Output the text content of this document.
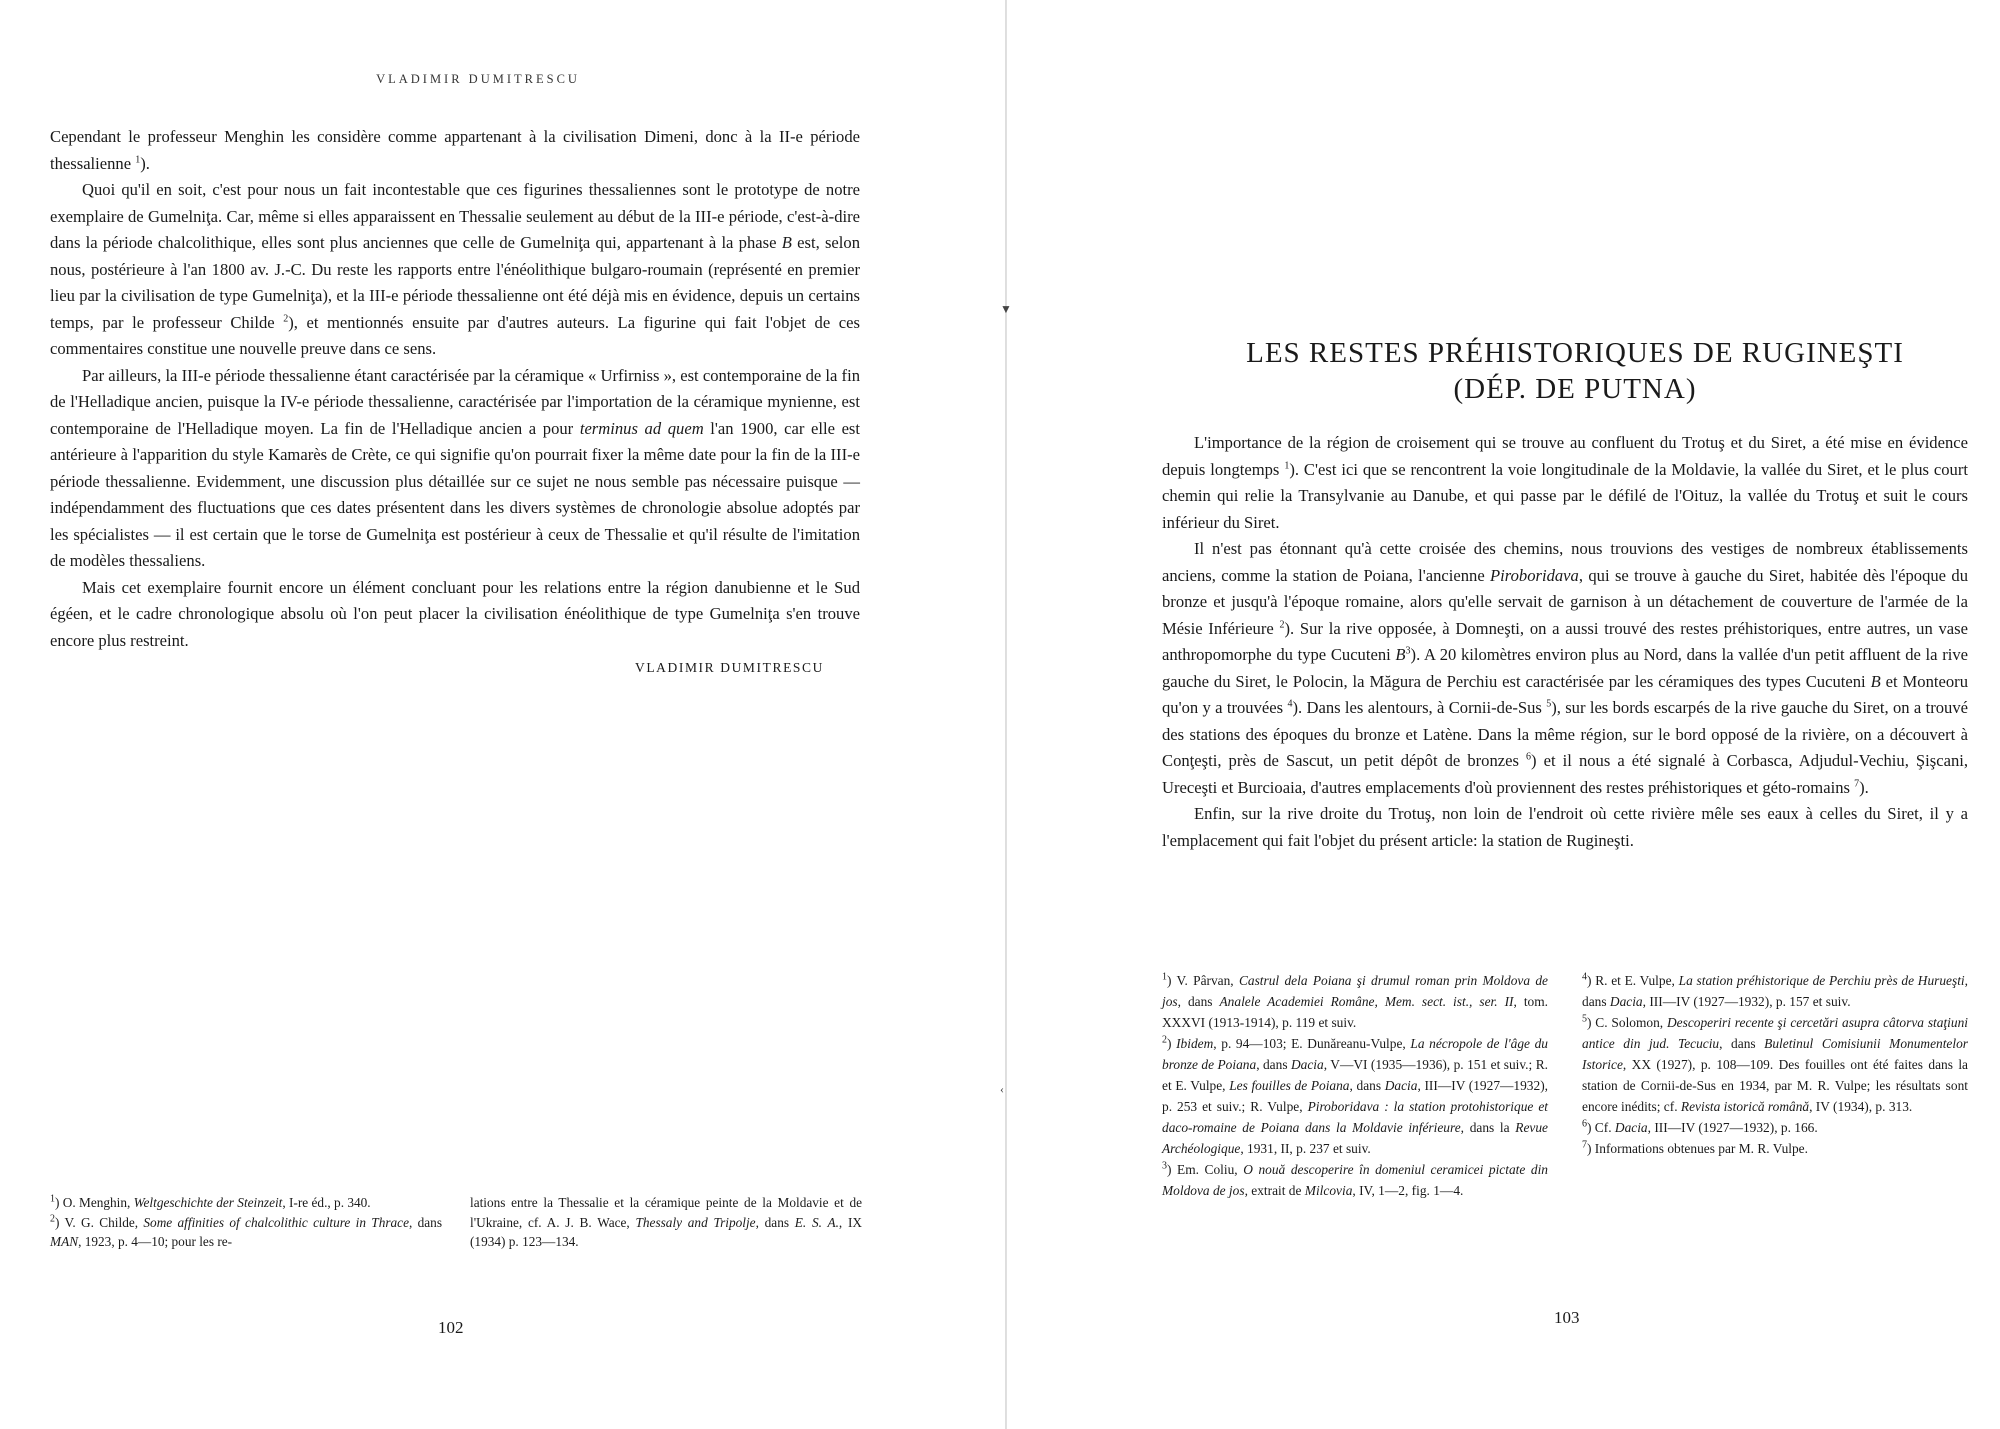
VLADIMIR DUMITRESCU

Cependant le professeur Menghin les considère comme appartenant à la civilisation Dimeni, donc à la II-e période thessalienne $^1$).

Quoi qu'il en soit, c'est pour nous un fait incontestable que ces figurines thessaliennes sont le prototype de notre exemplaire de Gumelniţa. Car, même si elles apparaissent en Thessalie seulement au début de la III-e période, c'est-à-dire dans la période chalcolithique, elles sont plus anciennes que celle de Gumelniţa qui, appartenant à la phase B est, selon nous, postérieure à l'an 1800 av. J.-C. Du reste les rapports entre l'énéolithique bulgaro-roumain (représenté en premier lieu par la civilisation de type Gumelniţa), et la III-e période thessalienne ont été déjà mis en évidence, depuis un certains temps, par le professeur Childe $^2$), et mentionnés ensuite par d'autres auteurs. La figurine qui fait l'objet de ces commentaires constitue une nouvelle preuve dans ce sens.

Par ailleurs, la III-e période thessalienne étant caractérisée par la céramique « Urfirniss », est contemporaine de la fin de l'Helladique ancien, puisque la IV-e période thessalienne, caractérisée par l'importation de la céramique mynienne, est contemporaine de l'Helladique moyen. La fin de l'Helladique ancien a pour terminus ad quem l'an 1900, car elle est antérieure à l'apparition du style Kamarès de Crète, ce qui signifie qu'on pourrait fixer la même date pour la fin de la III-e période thessalienne. Evidemment, une discussion plus détaillée sur ce sujet ne nous semble pas nécessaire puisque — indépendamment des fluctuations que ces dates présentent dans les divers systèmes de chronologie absolue adoptés par les spécialistes — il est certain que le torse de Gumelniţa est postérieur à ceux de Thessalie et qu'il résulte de l'imitation de modèles thessaliens.

Mais cet exemplaire fournit encore un élément concluant pour les relations entre la région danubienne et le Sud égéen, et le cadre chronologique absolu où l'on peut placer la civilisation énéolithique de type Gumelniţa s'en trouve encore plus restreint.

VLADIMIR DUMITRESCU

$^1$) O. Menghin, Weltgeschichte der Steinzeit, I-re éd., p. 340.

$^2$) V. G. Childe, Some affinities of chalcolithic culture in Thrace, dans MAN, 1923, p. 4—10; pour les re-

lations entre la Thessalie et la céramique peinte de la Moldavie et de l'Ukraine, cf. A. J. B. Wace, Thessaly and Tripolje, dans E. S. A., IX (1934) p. 123—134.

102
▼
‹
LES RESTES PRÉHISTORIQUES DE RUGINEŞTI
(DÉP. DE PUTNA)

L'importance de la région de croisement qui se trouve au confluent du Trotuş et du Siret, a été mise en évidence depuis longtemps $^1$). C'est ici que se rencontrent la voie longitudinale de la Moldavie, la vallée du Siret, et le plus court chemin qui relie la Transylvanie au Danube, et qui passe par le défilé de l'Oituz, la vallée du Trotuş et suit le cours inférieur du Siret.

Il n'est pas étonnant qu'à cette croisée des chemins, nous trouvions des vestiges de nombreux établissements anciens, comme la station de Poiana, l'ancienne Piroboridava, qui se trouve à gauche du Siret, habitée dès l'époque du bronze et jusqu'à l'époque romaine, alors qu'elle servait de garnison à un détachement de couverture de l'armée de la Mésie Inférieure $^2$). Sur la rive opposée, à Domneşti, on a aussi trouvé des restes préhistoriques, entre autres, un vase anthropomorphe du type Cucuteni $B^3$). A 20 kilomètres environ plus au Nord, dans la vallée d'un petit affluent de la rive gauche du Siret, le Polocin, la Măgura de Perchiu est caractérisée par les céramiques des types Cucuteni B et Monteoru qu'on y a trouvées $^4$). Dans les alentours, à Cornii-de-Sus $^5$), sur les bords escarpés de la rive gauche du Siret, on a trouvé des stations des époques du bronze et Latène. Dans la même région, sur le bord opposé de la rivière, on a découvert à Conţeşti, près de Sascut, un petit dépôt de bronzes $^6$) et il nous a été signalé à Corbasca, Adjudul-Vechiu, Şişcani, Ureceşti et Burcioaia, d'autres emplacements d'où proviennent des restes préhistoriques et géto-romains $^7$).

Enfin, sur la rive droite du Trotuş, non loin de l'endroit où cette rivière mêle ses eaux à celles du Siret, il y a l'emplacement qui fait l'objet du présent article: la station de Rugineşti.

$^1$) V. Pârvan, Castrul dela Poiana şi drumul roman prin Moldova de jos, dans Analele Academiei Române, Mem. sect. ist., ser. II, tom. XXXVI (1913-1914), p. 119 et suiv.

$^2$) Ibidem, p. 94—103; E. Dunăreanu-Vulpe, La nécropole de l'âge du bronze de Poiana, dans Dacia, V—VI (1935—1936), p. 151 et suiv.; R. et E. Vulpe, Les fouilles de Poiana, dans Dacia, III—IV (1927—1932), p. 253 et suiv.; R. Vulpe, Piroboridava : la station protohistorique et daco-romaine de Poiana dans la Moldavie inférieure, dans la Revue Archéologique, 1931, II, p. 237 et suiv.

$^3$) Em. Coliu, O nouă descoperire în domeniul ceramicei pictate din Moldova de jos, extrait de Milcovia, IV, 1—2, fig. 1—4.

$^4$) R. et E. Vulpe, La station préhistorique de Perchiu près de Hurueşti, dans Dacia, III—IV (1927—1932), p. 157 et suiv.

$^5$) C. Solomon, Descoperiri recente şi cercetări asupra câtorva staţiuni antice din jud. Tecuciu, dans Buletinul Comisiunii Monumentelor Istorice, XX (1927), p. 108—109. Des fouilles ont été faites dans la station de Cornii-de-Sus en 1934, par M. R. Vulpe; les résultats sont encore inédits; cf. Revista istorică română, IV (1934), p. 313.

$^6$) Cf. Dacia, III—IV (1927—1932), p. 166.

$^7$) Informations obtenues par M. R. Vulpe.

103
